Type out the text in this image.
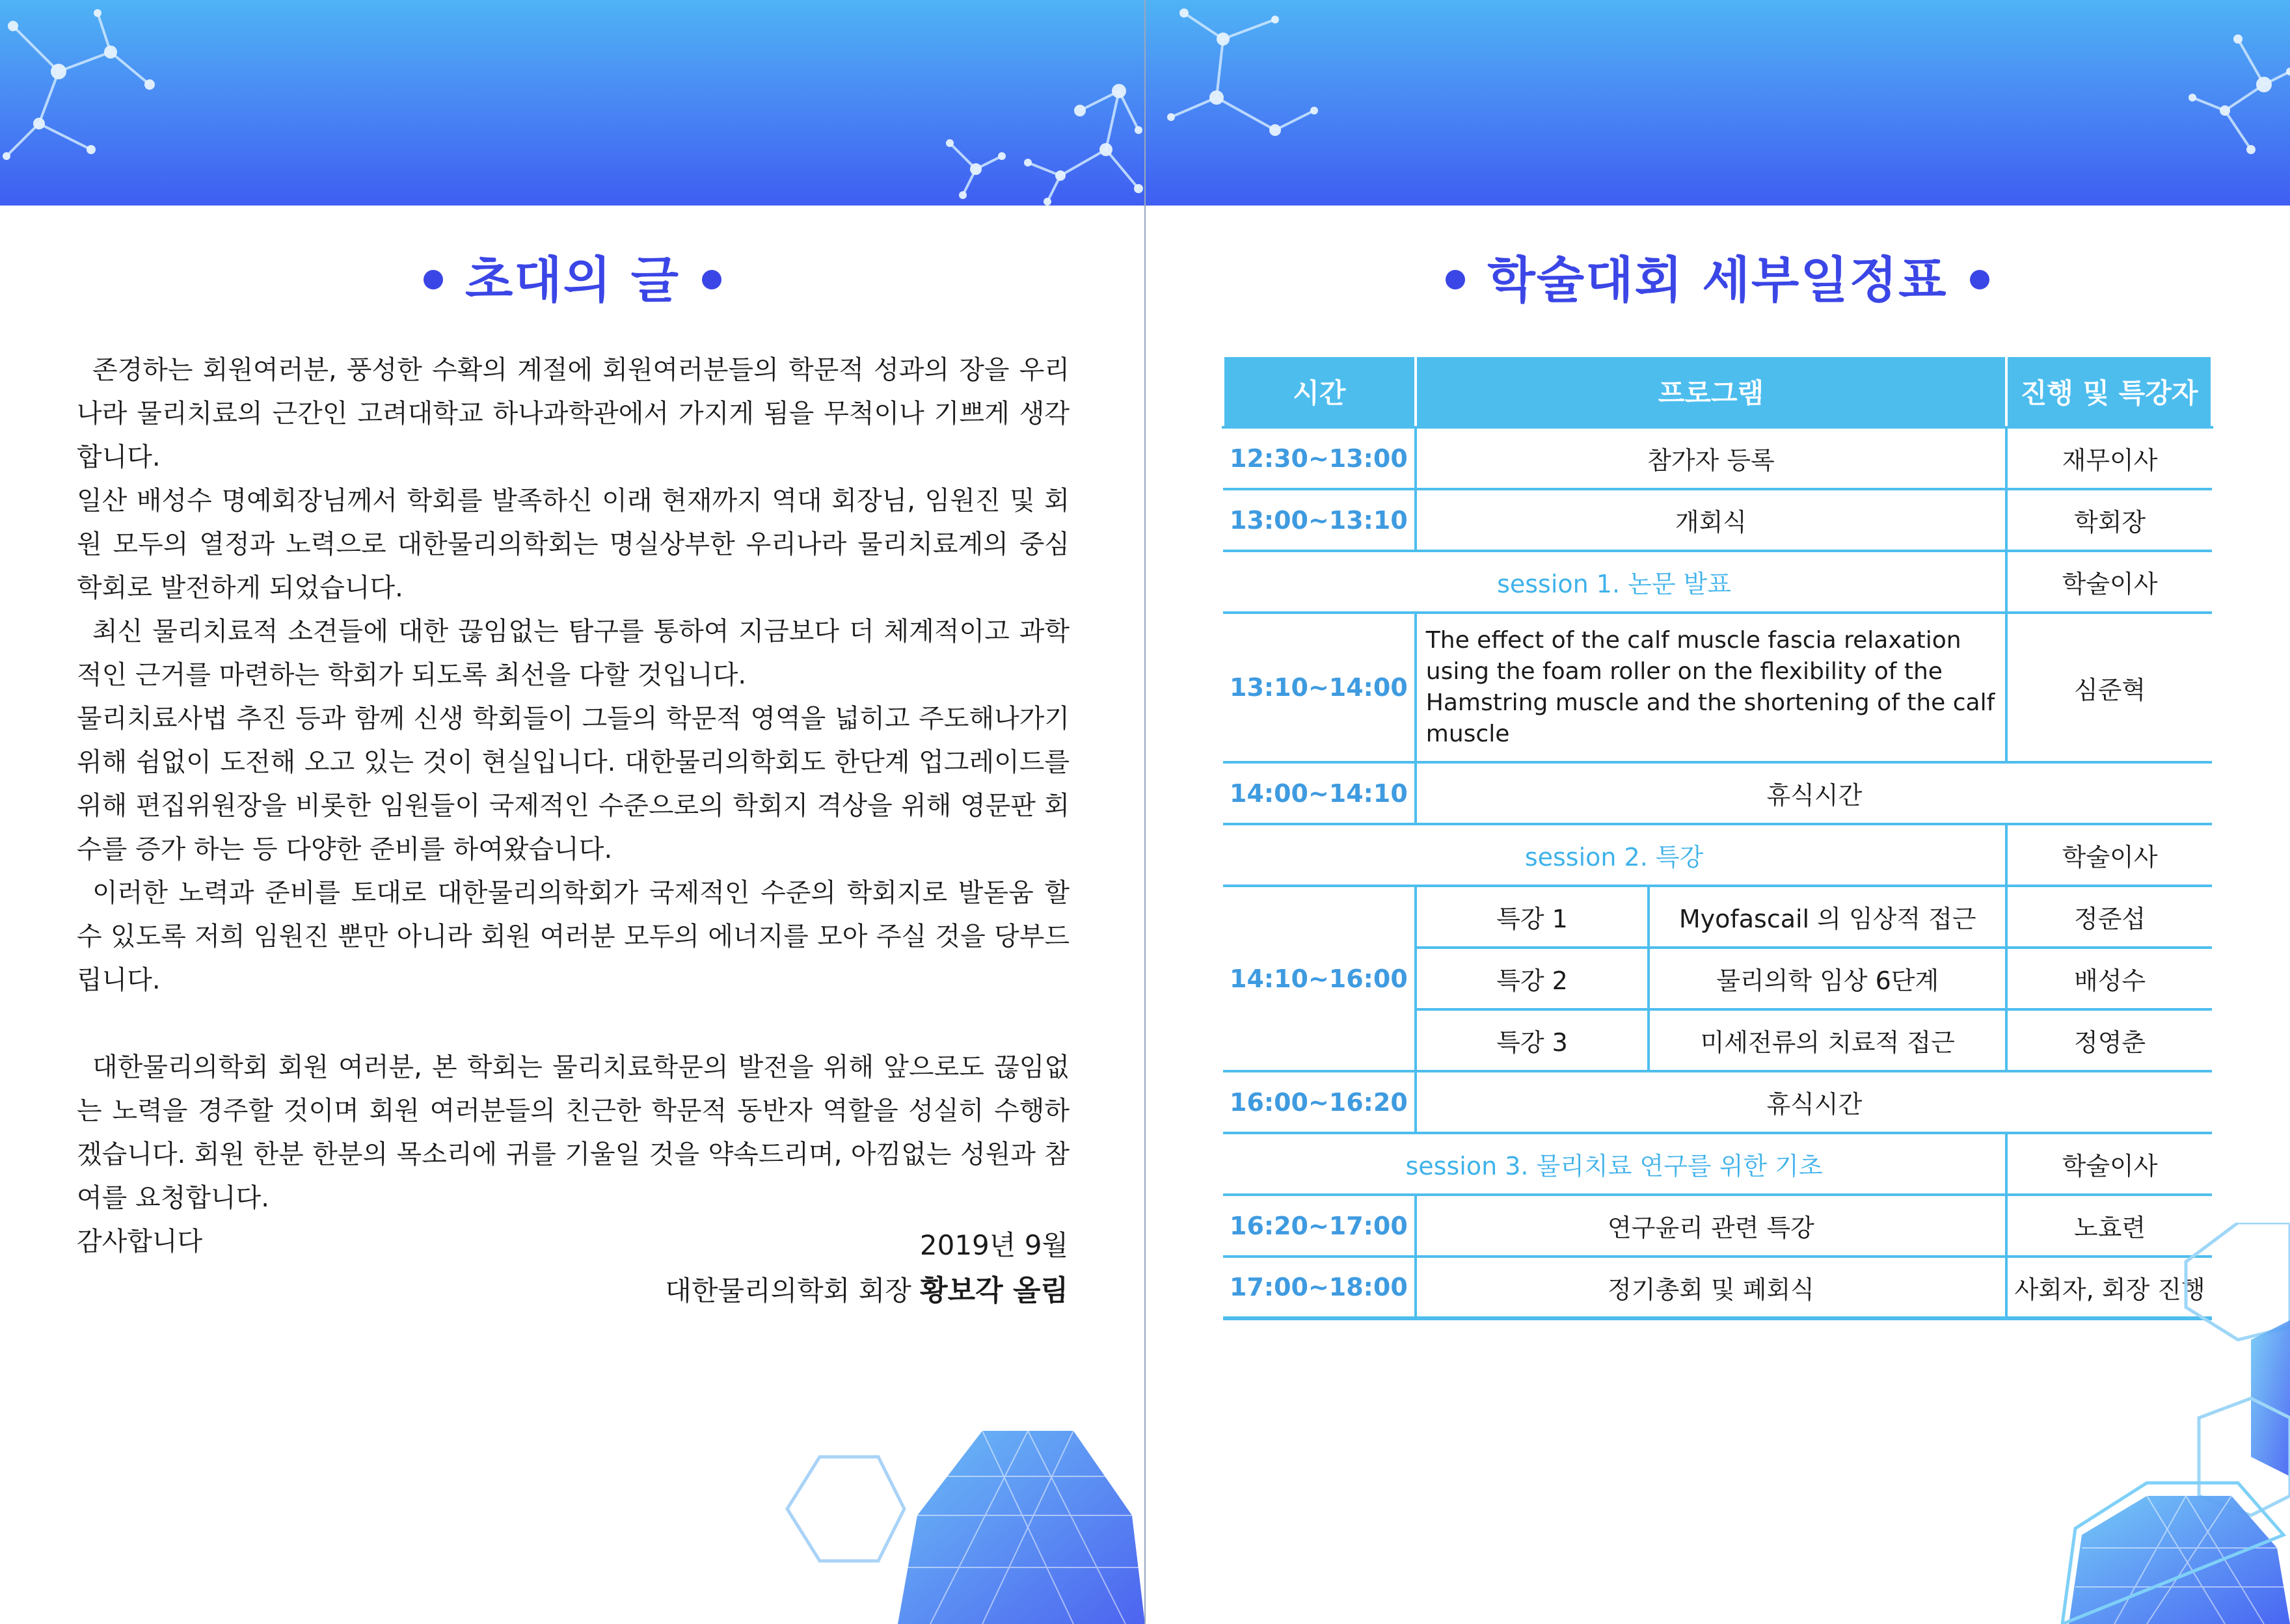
초대의 글

존경하는 회원여러분, 풍성한 수확의 계절에 회원여러분들의 학문적 성과의 장을 우리나라 물리치료의 근간인 고려대학교 하나과학관에서 가지게 됨을 무척이나 기쁘게 생각합니다.

일산 배성수 명예회장님께서 학회를 발족하신 이래 현재까지 역대 회장님, 임원진 및 회원 모두의 열정과 노력으로 대한물리의학회는 명실상부한 우리나라 물리치료계의 중심 학회로 발전하게 되었습니다.

최신 물리치료적 소견들에 대한 끊임없는 탐구를 통하여 지금보다 더 체계적이고 과학적인 근거를 마련하는 학회가 되도록 최선을 다할 것입니다.

물리치료사법 추진 등과 함께 신생 학회들이 그들의 학문적 영역을 넓히고 주도해나가기 위해 쉼없이 도전해 오고 있는 것이 현실입니다. 대한물리의학회도 한단계 업그레이드를 위해 편집위원장을 비롯한 임원들이 국제적인 수준으로의 학회지 격상을 위해 영문판 회수를 증가 하는 등 다양한 준비를 하여왔습니다.

이러한 노력과 준비를 토대로 대한물리의학회가 국제적인 수준의 학회지로 발돋움 할 수 있도록 저희 임원진 뿐만 아니라 회원 여러분 모두의 에너지를 모아 주실 것을 당부드립니다.

대한물리의학회 회원 여러분, 본 학회는 물리치료학문의 발전을 위해 앞으로도 끊임없는 노력을 경주할 것이며 회원 여러분들의 친근한 학문적 동반자 역할을 성실히 수행하겠습니다. 회원 한분 한분의 목소리에 귀를 기울일 것을 약속드리며, 아낌없는 성원과 참여를 요청합니다.

감사합니다	2019년 9월
대한물리의학회 회장 황보각 올림
학술대회 세부일정표
시간	프로그램		진행 및 특강자
12:30~13:00	참가자 등록		재무이사
13:00~13:10	개회식		학회장
session 1. 논문 발표			학술이사
13:10~14:00	The effect of the calf muscle fascia relaxation using the foam roller on the flexibility of the Hamstring muscle and the shortening of the calf muscle		심준혁
14:00~14:10	휴식시간		
session 2. 특강			학술이사
14:10~16:00	특강 1	Myofascail 의 임상적 접근	정준섭
	특강 2	물리의학 임상 6단계	배성수
	특강 3	미세전류의 치료적 접근	정영춘
16:00~16:20	휴식시간		
session 3. 물리치료 연구를 위한 기초			학술이사
16:20~17:00	연구윤리 관련 특강		노효련
17:00~18:00	정기총회 및 폐회식		사회자, 회장 진행
